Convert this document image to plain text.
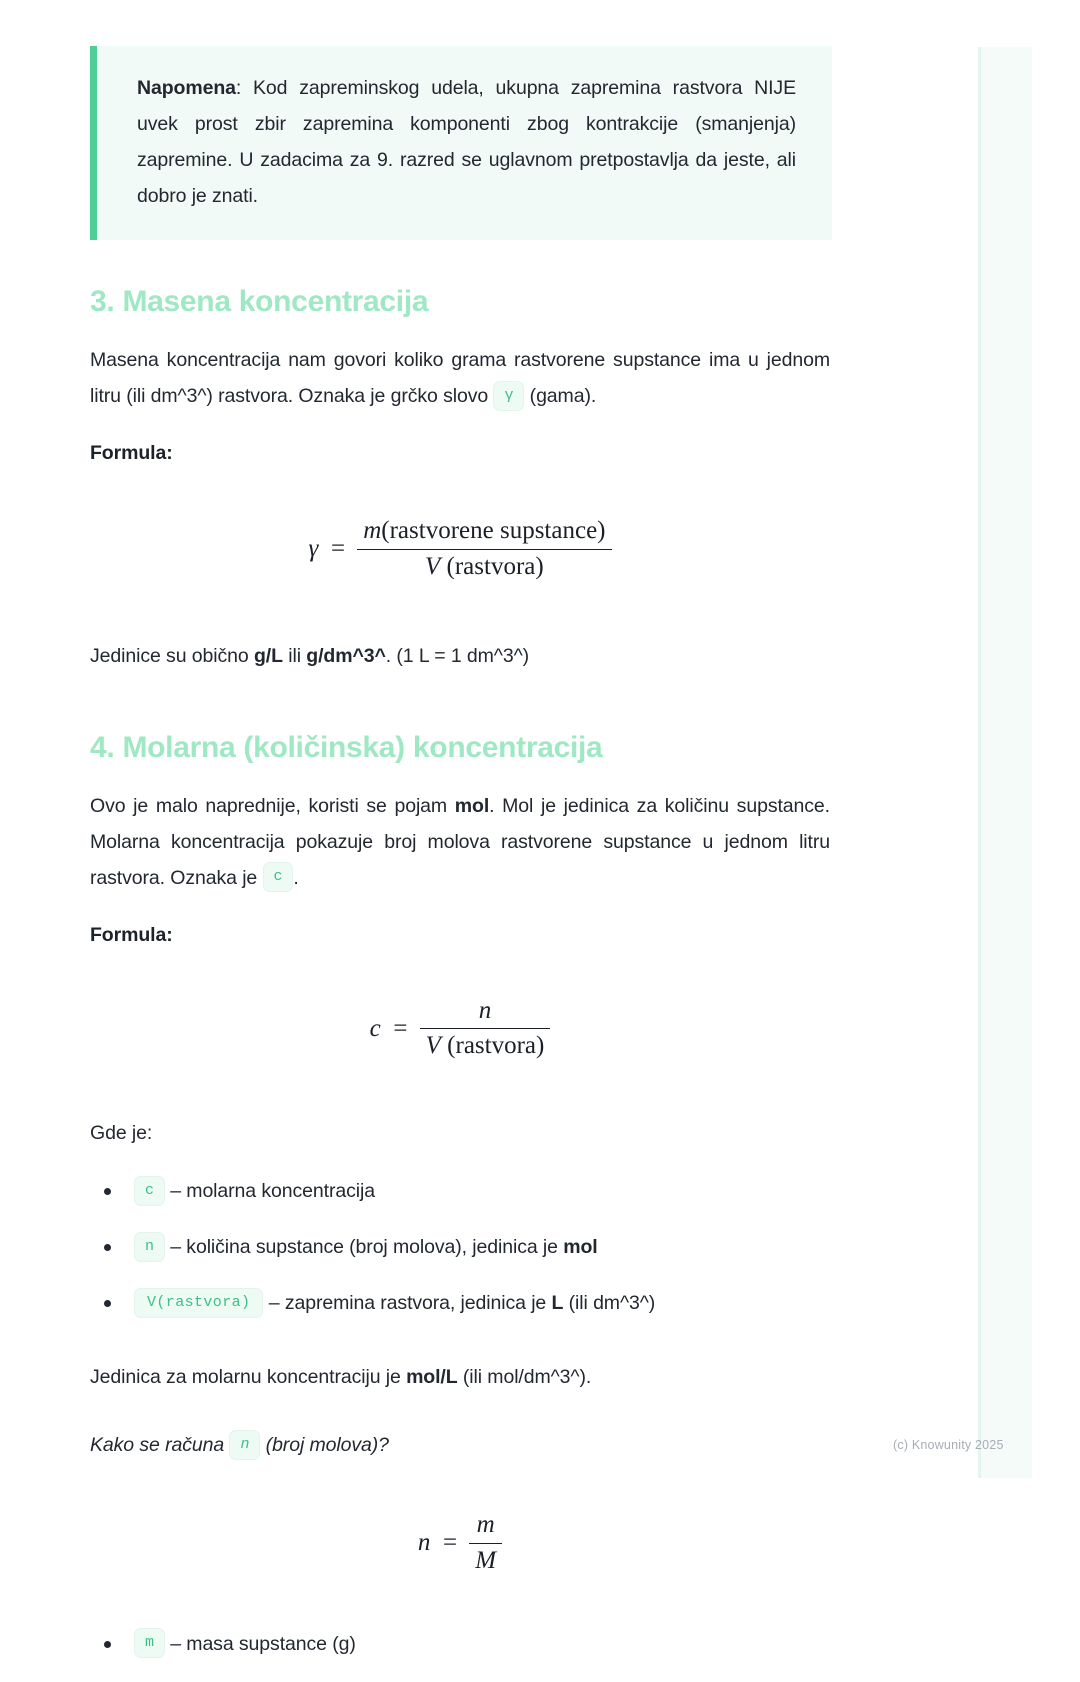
Napomena: Kod zapreminskog udela, ukupna zapremina rastvora NIJE uvek prost zbir zapremina komponenti zbog kontrakcije (smanjenja) zapremine. U zadacima za 9. razred se uglavnom pretpostavlja da jeste, ali dobro je znati.

3. Masena koncentracija

Masena koncentracija nam govori koliko grama rastvorene supstance ima u jednom litru (ili dm^3^) rastvora. Oznaka je grčko slovo γ (gama).

Formula:

$\gamma = \frac{\text{m(rastvorene supstance)}}{\text{V (rastvora)}}$

Jedinice su obično g/L ili g/dm^3^. (1 L = 1 dm^3^)

4. Molarna (količinska) koncentracija

Ovo je malo naprednije, koristi se pojam mol. Mol je jedinica za količinu supstance. Molarna koncentracija pokazuje broj molova rastvorene supstance u jednom litru rastvora. Oznaka je c .

Formula:

$c = \frac{n}{\text{V (rastvora)}}$

Gde je:

c – molarna koncentracija
n – količina supstance (broj molova), jedinica je mol
V(rastvora) – zapremina rastvora, jedinica je L (ili dm^3^)

Jedinica za molarnu koncentraciju je mol/L (ili mol/dm^3^).

Kako se računa n (broj molova)?

$n = \frac{m}{M}$
m – masa supstance (g)
(c) Knowunity 2025
